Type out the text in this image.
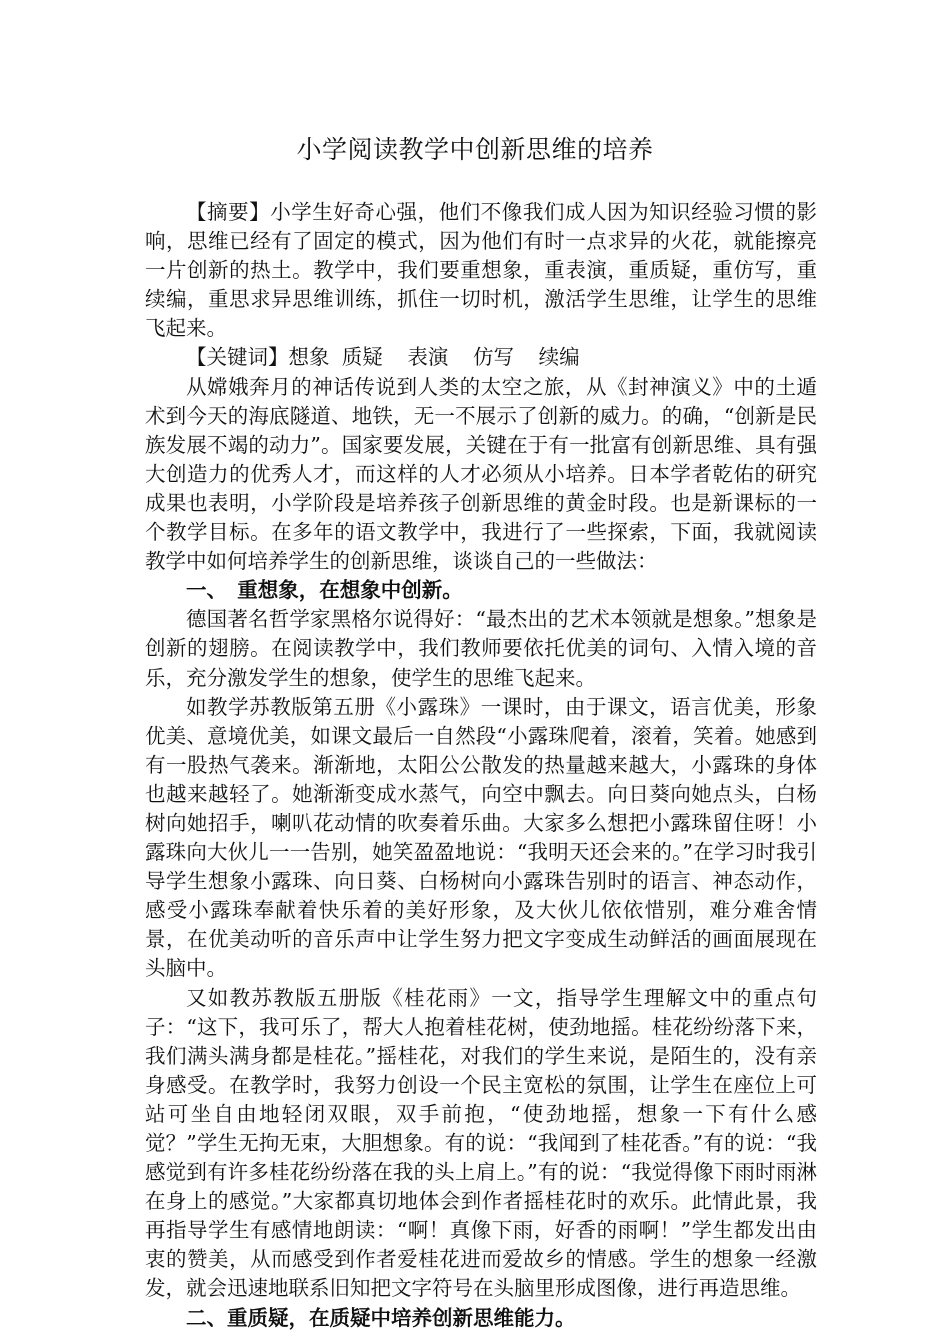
小学阅读教学中创新思维的培养

【摘要】小学生好奇心强，他们不像我们成人因为知识经验习惯的影响，思维已经有了固定的模式，因为他们有时一点求异的火花，就能擦亮一片创新的热土。教学中，我们要重想象，重表演，重质疑，重仿写，重续编，重思求异思维训练，抓住一切时机，激活学生思维，让学生的思维飞起来。

【关键词】想象 质疑 表演 仿写 续编

从嫦娥奔月的神话传说到人类的太空之旅，从《封神演义》中的土遁术到今天的海底隧道、地铁，无一不展示了创新的威力。的确，“创新是民族发展不竭的动力”。国家要发展，关键在于有一批富有创新思维、具有强大创造力的优秀人才，而这样的人才必须从小培养。日本学者乾佑的研究成果也表明，小学阶段是培养孩子创新思维的黄金时段。也是新课标的一个教学目标。在多年的语文教学中，我进行了一些探索，下面，我就阅读教学中如何培养学生的创新思维，谈谈自己的一些做法：

一、　重想象，在想象中创新。

德国著名哲学家黑格尔说得好：“最杰出的艺术本领就是想象。”想象是创新的翅膀。在阅读教学中，我们教师要依托优美的词句、入情入境的音乐，充分激发学生的想象，使学生的思维飞起来。

如教学苏教版第五册《小露珠》一课时，由于课文，语言优美，形象优美、意境优美，如课文最后一自然段“小露珠爬着，滚着，笑着。她感到有一股热气袭来。渐渐地，太阳公公散发的热量越来越大，小露珠的身体也越来越轻了。她渐渐变成水蒸气，向空中飘去。向日葵向她点头，白杨树向她招手，喇叭花动情的吹奏着乐曲。大家多么想把小露珠留住呀！小露珠向大伙儿一一告别，她笑盈盈地说：“我明天还会来的。”在学习时我引导学生想象小露珠、向日葵、白杨树向小露珠告别时的语言、神态动作，感受小露珠奉献着快乐着的美好形象，及大伙儿依依惜别，难分难舍情景，在优美动听的音乐声中让学生努力把文字变成生动鲜活的画面展现在头脑中。

又如教苏教版五册版《桂花雨》一文，指导学生理解文中的重点句子：“这下，我可乐了，帮大人抱着桂花树，使劲地摇。桂花纷纷落下来，我们满头满身都是桂花。”摇桂花，对我们的学生来说，是陌生的，没有亲身感受。在教学时，我努力创设一个民主宽松的氛围，让学生在座位上可站可坐自由地轻闭双眼，双手前抱，“使劲地摇，想象一下有什么感觉？”学生无拘无束，大胆想象。有的说：“我闻到了桂花香。”有的说：“我感觉到有许多桂花纷纷落在我的头上肩上。”有的说：“我觉得像下雨时雨淋在身上的感觉。”大家都真切地体会到作者摇桂花时的欢乐。此情此景，我再指导学生有感情地朗读：“啊！真像下雨，好香的雨啊！”学生都发出由衷的赞美，从而感受到作者爱桂花进而爱故乡的情感。学生的想象一经激发，就会迅速地联系旧知把文字符号在头脑里形成图像，进行再造思维。

二、重质疑，在质疑中培养创新思维能力。
